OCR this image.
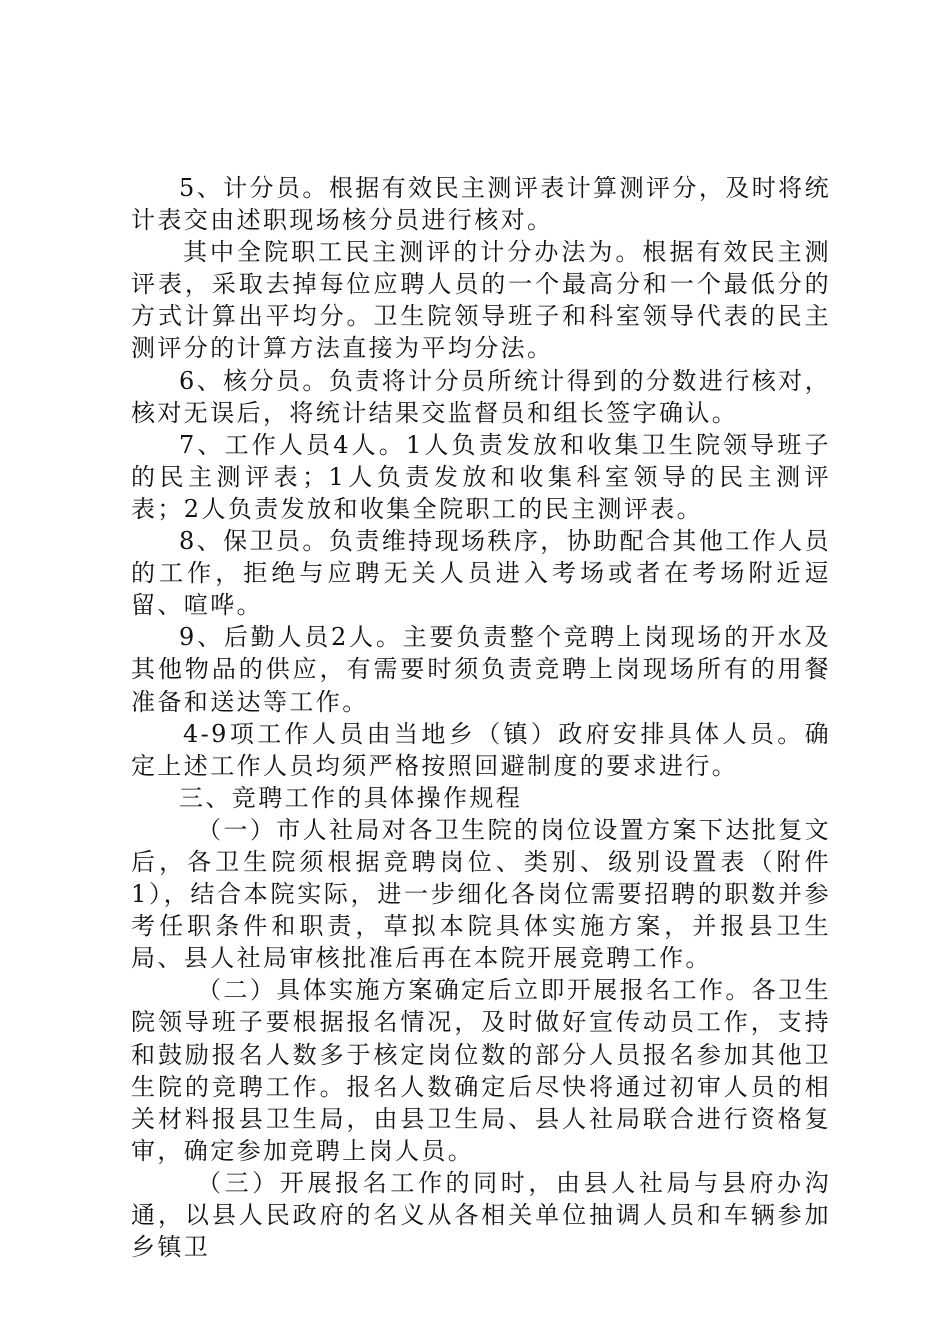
5、计分员。根据有效民主测评表计算测评分，及时将统计表交由述职现场核分员进行核对。

其中全院职工民主测评的计分办法为。根据有效民主测评表，采取去掉每位应聘人员的一个最高分和一个最低分的方式计算出平均分。卫生院领导班子和科室领导代表的民主测评分的计算方法直接为平均分法。

6、核分员。负责将计分员所统计得到的分数进行核对，核对无误后，将统计结果交监督员和组长签字确认。

7、工作人员4人。1人负责发放和收集卫生院领导班子的民主测评表；1人负责发放和收集科室领导的民主测评表；2人负责发放和收集全院职工的民主测评表。

8、保卫员。负责维持现场秩序，协助配合其他工作人员的工作，拒绝与应聘无关人员进入考场或者在考场附近逗留、喧哗。

9、后勤人员2人。主要负责整个竞聘上岗现场的开水及其他物品的供应，有需要时须负责竞聘上岗现场所有的用餐准备和送达等工作。

4-9项工作人员由当地乡（镇）政府安排具体人员。确定上述工作人员均须严格按照回避制度的要求进行。

三、竞聘工作的具体操作规程

（一）市人社局对各卫生院的岗位设置方案下达批复文后，各卫生院须根据竞聘岗位、类别、级别设置表（附件1），结合本院实际，进一步细化各岗位需要招聘的职数并参考任职条件和职责，草拟本院具体实施方案，并报县卫生局、县人社局审核批准后再在本院开展竞聘工作。

（二）具体实施方案确定后立即开展报名工作。各卫生院领导班子要根据报名情况，及时做好宣传动员工作，支持和鼓励报名人数多于核定岗位数的部分人员报名参加其他卫生院的竞聘工作。报名人数确定后尽快将通过初审人员的相关材料报县卫生局，由县卫生局、县人社局联合进行资格复审，确定参加竞聘上岗人员。

（三）开展报名工作的同时，由县人社局与县府办沟通，以县人民政府的名义从各相关单位抽调人员和车辆参加乡镇卫
